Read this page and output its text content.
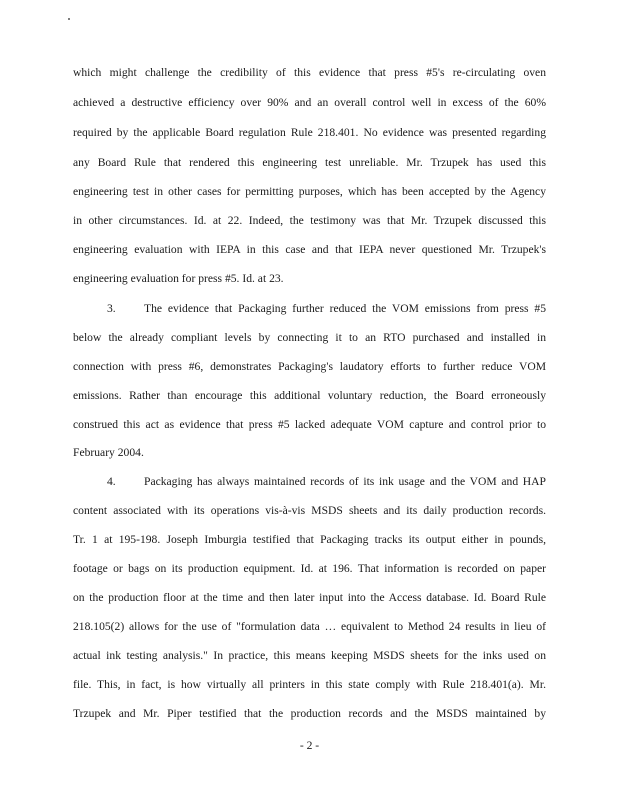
which might challenge the credibility of this evidence that press #5's re-circulating oven
achieved a destructive efficiency over 90% and an overall control well in excess of the 60%
required by the applicable Board regulation Rule 218.401. No evidence was presented regarding
any Board Rule that rendered this engineering test unreliable. Mr. Trzupek has used this
engineering test in other cases for permitting purposes, which has been accepted by the Agency
in other circumstances. Id. at 22. Indeed, the testimony was that Mr. Trzupek discussed this
engineering evaluation with IEPA in this case and that IEPA never questioned Mr. Trzupek's
engineering evaluation for press #5. Id. at 23.
3. The evidence that Packaging further reduced the VOM emissions from press #5
below the already compliant levels by connecting it to an RTO purchased and installed in
connection with press #6, demonstrates Packaging's laudatory efforts to further reduce VOM
emissions. Rather than encourage this additional voluntary reduction, the Board erroneously
construed this act as evidence that press #5 lacked adequate VOM capture and control prior to
February 2004.
4. Packaging has always maintained records of its ink usage and the VOM and HAP
content associated with its operations vis-à-vis MSDS sheets and its daily production records.
Tr. 1 at 195-198. Joseph Imburgia testified that Packaging tracks its output either in pounds,
footage or bags on its production equipment. Id. at 196. That information is recorded on paper
on the production floor at the time and then later input into the Access database. Id. Board Rule
218.105(2) allows for the use of "formulation data … equivalent to Method 24 results in lieu of
actual ink testing analysis." In practice, this means keeping MSDS sheets for the inks used on
file. This, in fact, is how virtually all printers in this state comply with Rule 218.401(a). Mr.
Trzupek and Mr. Piper testified that the production records and the MSDS maintained by
- 2 -
